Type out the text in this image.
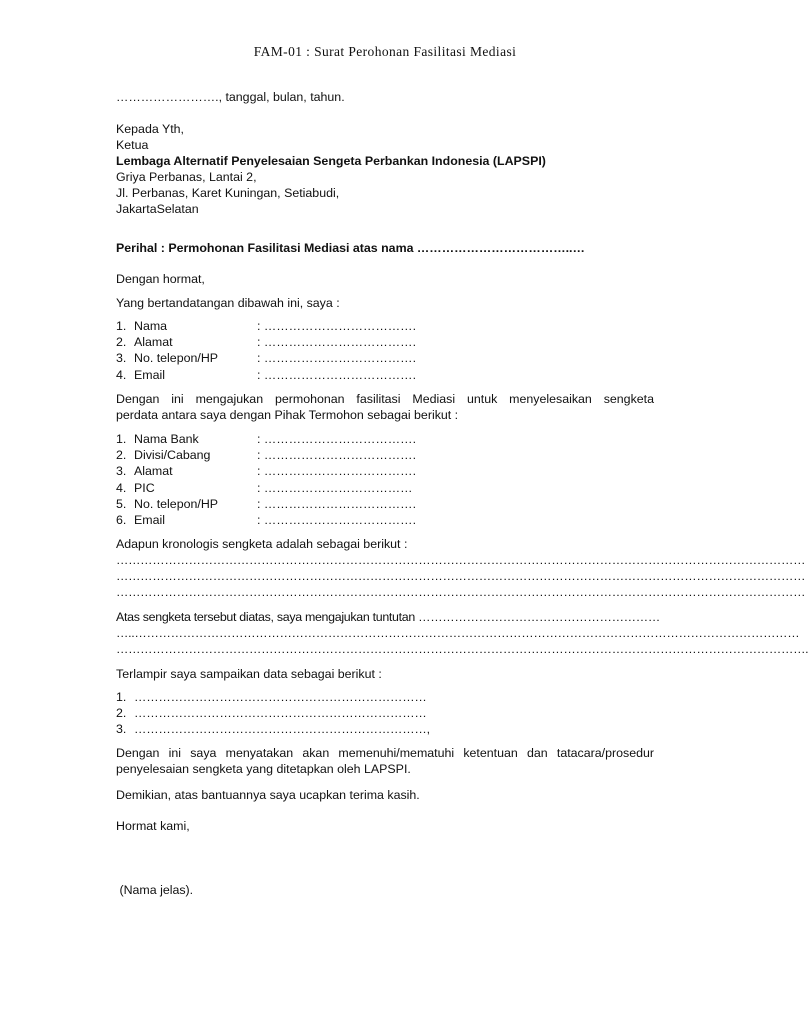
FAM-01 : Surat Perohonan Fasilitasi Mediasi
……………………., tanggal, bulan, tahun.
Kepada Yth,
Ketua
Lembaga Alternatif Penyelesaian Sengeta Perbankan Indonesia (LAPSPI)
Griya Perbanas, Lantai 2,
Jl. Perbanas, Karet Kuningan, Setiabudi,
JakartaSelatan
Perihal : Permohonan Fasilitasi Mediasi atas nama ………………………………..…
Dengan hormat,
Yang bertandatangan dibawah ini, saya :
1. Nama	: ……………………………….
2. Alamat	: ……………………………….
3. No. telepon/HP	: ……………………………….
4. Email	: ……………………………….
Dengan ini mengajukan permohonan fasilitasi Mediasi untuk menyelesaikan sengketa
perdata antara saya dengan Pihak Termohon sebagai berikut :
1. Nama Bank	: ……………………………….
2. Divisi/Cabang	: ……………………………….
3. Alamat	: ……………………………….
4. PIC	: ………………………………
5. No. telepon/HP	: ……………………………….
6. Email	: ……………………………….
Adapun kronologis sengketa adalah sebagai berikut :
………………………………………………………………………………………………………………………………………………………
………………………………………………………………………………………………………………………………………………………
………………………………………………………………………………………………………………………………………………………
Atas sengketa tersebut diatas, saya mengajukan tuntutan ……………………………………………………
…..…………………………………………………………………………………………………………………………………………………
……………………………………………………………………………………………………………………………………………………….
Terlampir saya sampaikan data sebagai berikut :
1. ………………………………………………………………
2. ………………………………………………………………
3. ………………………………………………………………,
Dengan ini saya menyatakan akan memenuhi/mematuhi ketentuan dan tatacara/prosedur
penyelesaian sengketa yang ditetapkan oleh LAPSPI.
Demikian, atas bantuannya saya ucapkan terima kasih.
Hormat kami,
(Nama jelas).
